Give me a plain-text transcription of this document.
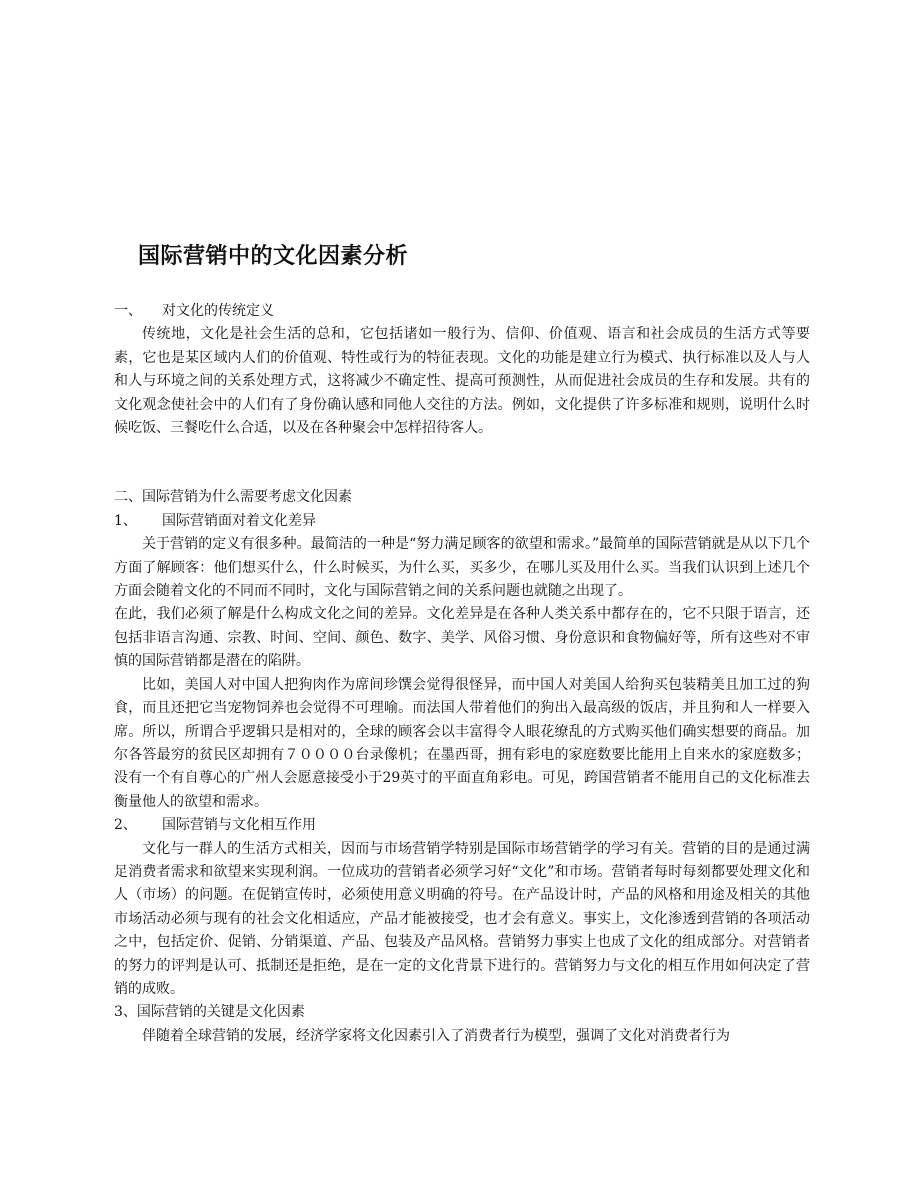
国际营销中的文化因素分析
一、 对文化的传统定义

传统地，文化是社会生活的总和，它包括诸如一般行为、信仰、价值观、语言和社会成员的生活方式等要素，它也是某区域内人们的价值观、特性或行为的特征表现。文化的功能是建立行为模式、执行标准以及人与人和人与环境之间的关系处理方式，这将减少不确定性、提高可预测性，从而促进社会成员的生存和发展。共有的文化观念使社会中的人们有了身份确认感和同他人交往的方法。例如，文化提供了许多标准和规则，说明什么时候吃饭、三餐吃什么合适，以及在各种聚会中怎样招待客人。

二、国际营销为什么需要考虑文化因素
1、 国际营销面对着文化差异

关于营销的定义有很多种。最简洁的一种是“努力满足顾客的欲望和需求。”最简单的国际营销就是从以下几个方面了解顾客：他们想买什么，什么时候买，为什么买，买多少，在哪儿买及用什么买。当我们认识到上述几个方面会随着文化的不同而不同时，文化与国际营销之间的关系问题也就随之出现了。

在此，我们必须了解是什么构成文化之间的差异。文化差异是在各种人类关系中都存在的，它不只限于语言，还包括非语言沟通、宗教、时间、空间、颜色、数字、美学、风俗习惯、身份意识和食物偏好等，所有这些对不审慎的国际营销都是潜在的陷阱。

比如，美国人对中国人把狗肉作为席间珍馔会觉得很怪异，而中国人对美国人给狗买包装精美且加工过的狗食，而且还把它当宠物饲养也会觉得不可理喻。而法国人带着他们的狗出入最高级的饭店，并且狗和人一样要入席。所以，所谓合乎逻辑只是相对的，全球的顾客会以丰富得令人眼花缭乱的方式购买他们确实想要的商品。加尔各答最穷的贫民区却拥有７００００台录像机；在墨西哥，拥有彩电的家庭数要比能用上自来水的家庭数多；没有一个有自尊心的广州人会愿意接受小于29英寸的平面直角彩电。可见，跨国营销者不能用自己的文化标准去衡量他人的欲望和需求。

2、 国际营销与文化相互作用

文化与一群人的生活方式相关，因而与市场营销学特别是国际市场营销学的学习有关。营销的目的是通过满足消费者需求和欲望来实现利润。一位成功的营销者必须学习好“文化”和市场。营销者每时每刻都要处理文化和人（市场）的问题。在促销宣传时，必须使用意义明确的符号。在产品设计时，产品的风格和用途及相关的其他市场活动必须与现有的社会文化相适应，产品才能被接受，也才会有意义。事实上，文化渗透到营销的各项活动之中，包括定价、促销、分销渠道、产品、包装及产品风格。营销努力事实上也成了文化的组成部分。对营销者的努力的评判是认可、抵制还是拒绝，是在一定的文化背景下进行的。营销努力与文化的相互作用如何决定了营销的成败。

3、国际营销的关键是文化因素

伴随着全球营销的发展，经济学家将文化因素引入了消费者行为模型，强调了文化对消费者行为
